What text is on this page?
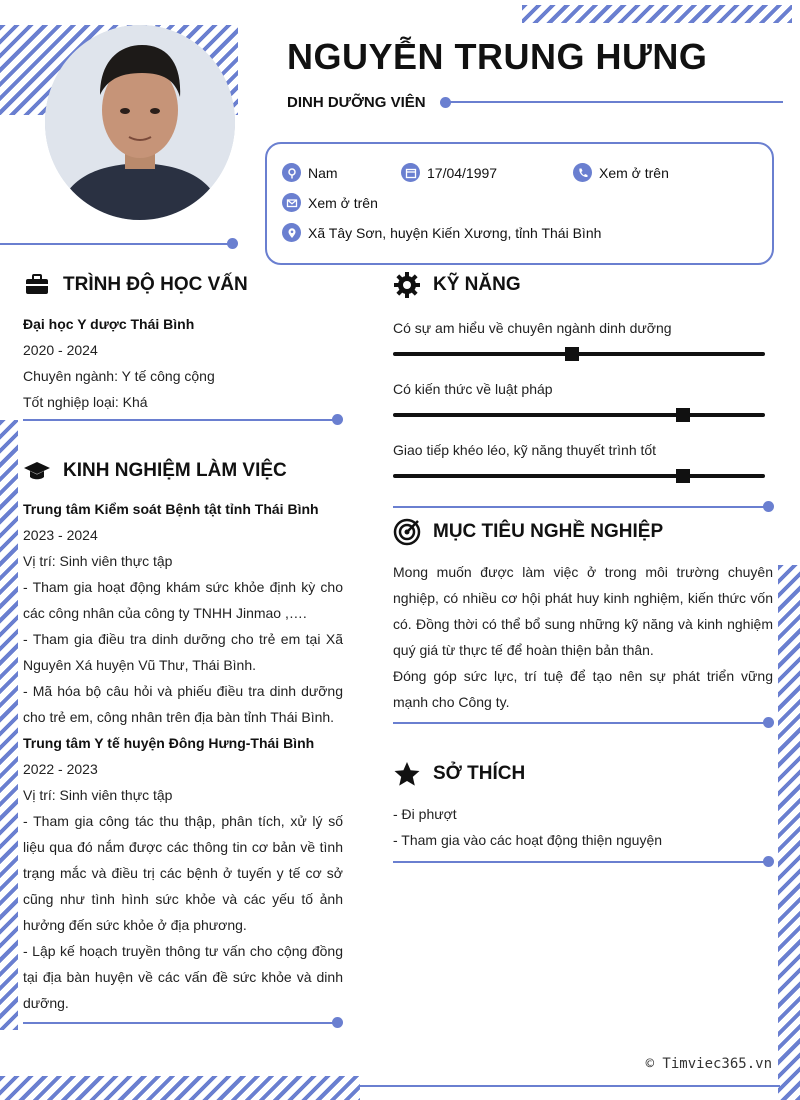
NGUYỄN TRUNG HƯNG
DINH DƯỠNG VIÊN
Nam	17/04/1997	Xem ở trên
Xem ở trên
Xã Tây Sơn, huyện Kiến Xương, tỉnh Thái Bình
TRÌNH ĐỘ HỌC VẤN

Đại học Y dược Thái Bình

2020 - 2024

Chuyên ngành: Y tế công cộng

Tốt nghiệp loại: Khá

KINH NGHIỆM LÀM VIỆC

Trung tâm Kiểm soát Bệnh tật tỉnh Thái Bình

2023 - 2024

Vị trí: Sinh viên thực tập

- Tham gia hoạt động khám sức khỏe định kỳ cho các công nhân của công ty TNHH Jinmao ,….

- Tham gia điều tra dinh dưỡng cho trẻ em tại Xã Nguyên Xá huyện Vũ Thư, Thái Bình.

- Mã hóa bộ câu hỏi và phiếu điều tra dinh dưỡng cho trẻ em, công nhân trên địa bàn tỉnh Thái Bình.

Trung tâm Y tế huyện Đông Hưng-Thái Bình

2022 - 2023

Vị trí: Sinh viên thực tập

- Tham gia công tác thu thập, phân tích, xử lý số liệu qua đó nắm được các thông tin cơ bản về tình trạng mắc và điều trị các bệnh ở tuyến y tế cơ sở cũng như tình hình sức khỏe và các yếu tố ảnh hưởng đến sức khỏe ở địa phương.

- Lập kế hoạch truyền thông tư vấn cho cộng đồng tại địa bàn huyện về các vấn đề sức khỏe và dinh dưỡng.

KỸ NĂNG
Có sự am hiểu về chuyên ngành dinh dưỡng
Có kiến thức về luật pháp
Giao tiếp khéo léo, kỹ năng thuyết trình tốt
MỤC TIÊU NGHỀ NGHIỆP

Mong muốn được làm việc ở trong môi trường chuyên nghiệp, có nhiều cơ hội phát huy kinh nghiệm, kiến thức vốn có. Đồng thời có thể bổ sung những kỹ năng và kinh nghiệm quý giá từ thực tế để hoàn thiện bản thân.

Đóng góp sức lực, trí tuệ để tạo nên sự phát triển vững mạnh cho Công ty.

SỞ THÍCH

- Đi phượt

- Tham gia vào các hoạt động thiện nguyện

© Timviec365.vn
